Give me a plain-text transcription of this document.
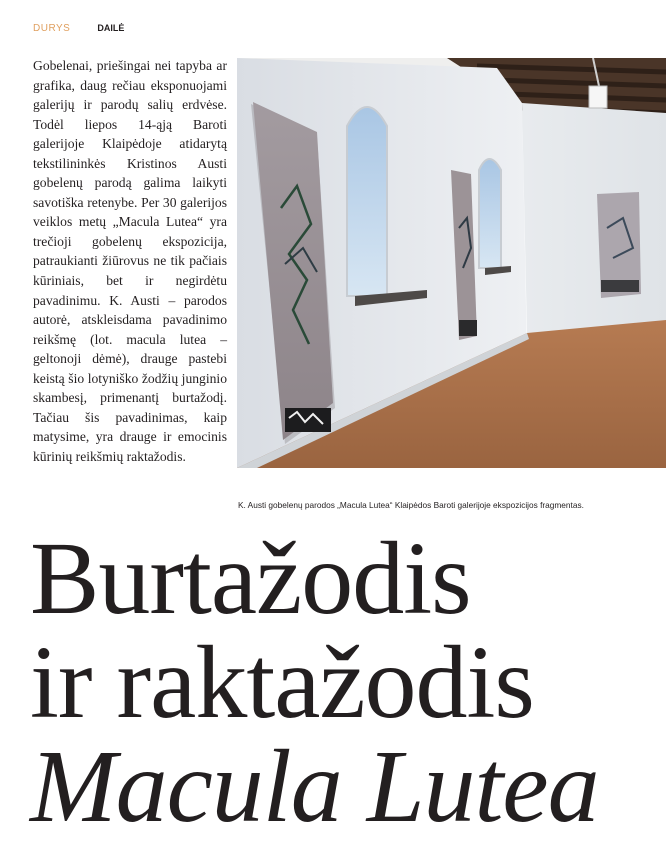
DURYS	DAILĖ

Gobelenai, priešingai nei tapyba ar grafika, daug rečiau eksponuojami galerijų ir parodų salių erdvėse. Todėl liepos 14-ąją Baroti galerijoje Klaipėdoje atidarytą tekstilininkės Kristinos Austi gobelenų parodą galima laikyti savotiška retenybe. Per 30 galerijos veiklos metų „Macula Lutea“ yra trečioji gobelenų ekspozicija, patraukianti žiūrovus ne tik pačiais kūriniais, bet ir negirdėtu pavadinimu. K. Austi – parodos autorė, atskleisdama pavadinimo reikšmę (lot. macula lutea – geltonoji dėmė), drauge pastebi keistą šio lotyniško žodžių junginio skambesį, primenantį burtažodį. Tačiau šis pavadinimas, kaip matysime, yra drauge ir emocinis kūrinių reikšmių raktažodis.

K. Austi gobelenų parodos „Macula Lutea“ Klaipėdos Baroti galerijoje ekspozicijos fragmentas.
Burtažodis
ir raktažodis
Macula Lutea
